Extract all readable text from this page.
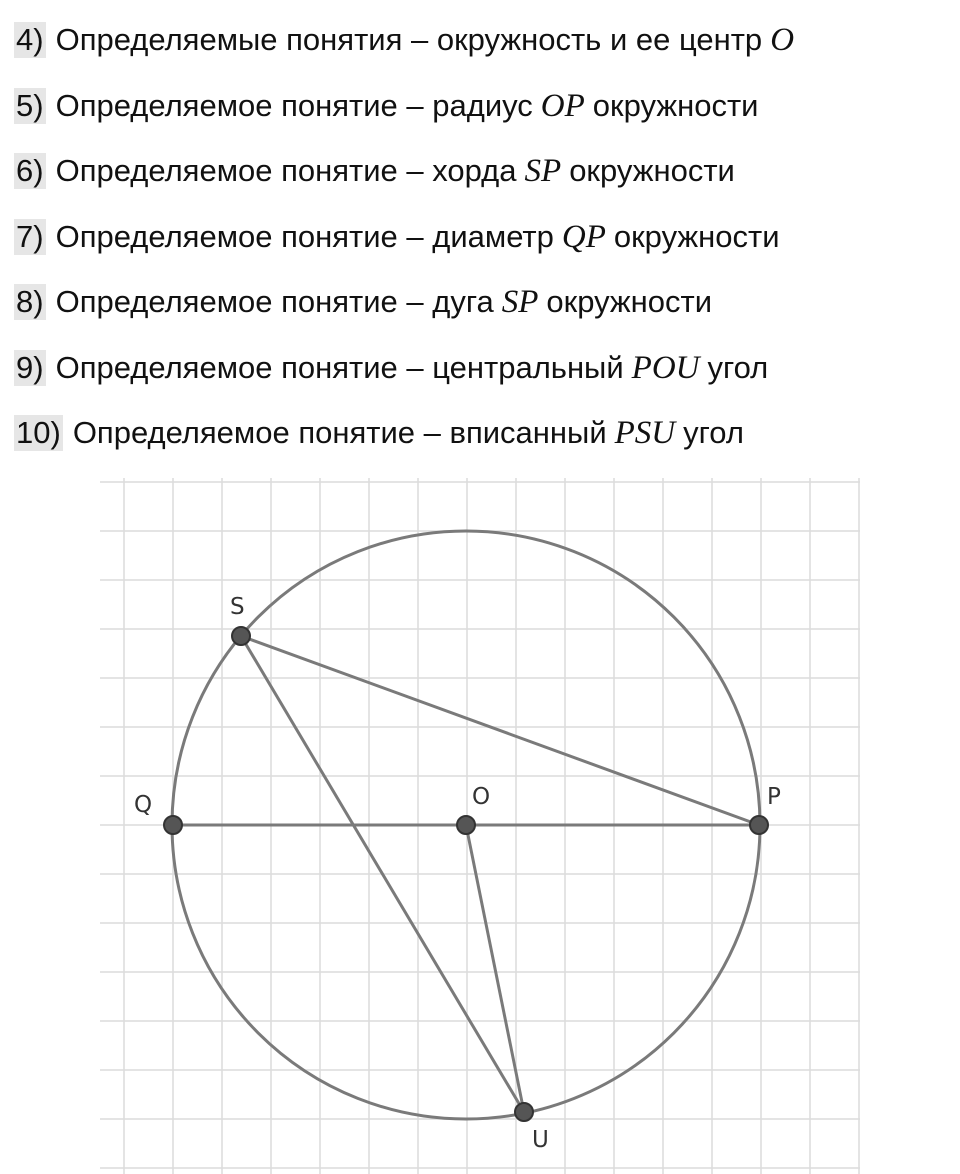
4) Определяемые понятия – окружность и ее центр O
5) Определяемое понятие – радиус OP окружности
6) Определяемое понятие – хорда SP окружности
7) Определяемое понятие – диаметр QP окружности
8) Определяемое понятие – дуга SP окружности
9) Определяемое понятие – центральный POU угол
10) Определяемое понятие – вписанный PSU угол
S
Q	O	P
U
